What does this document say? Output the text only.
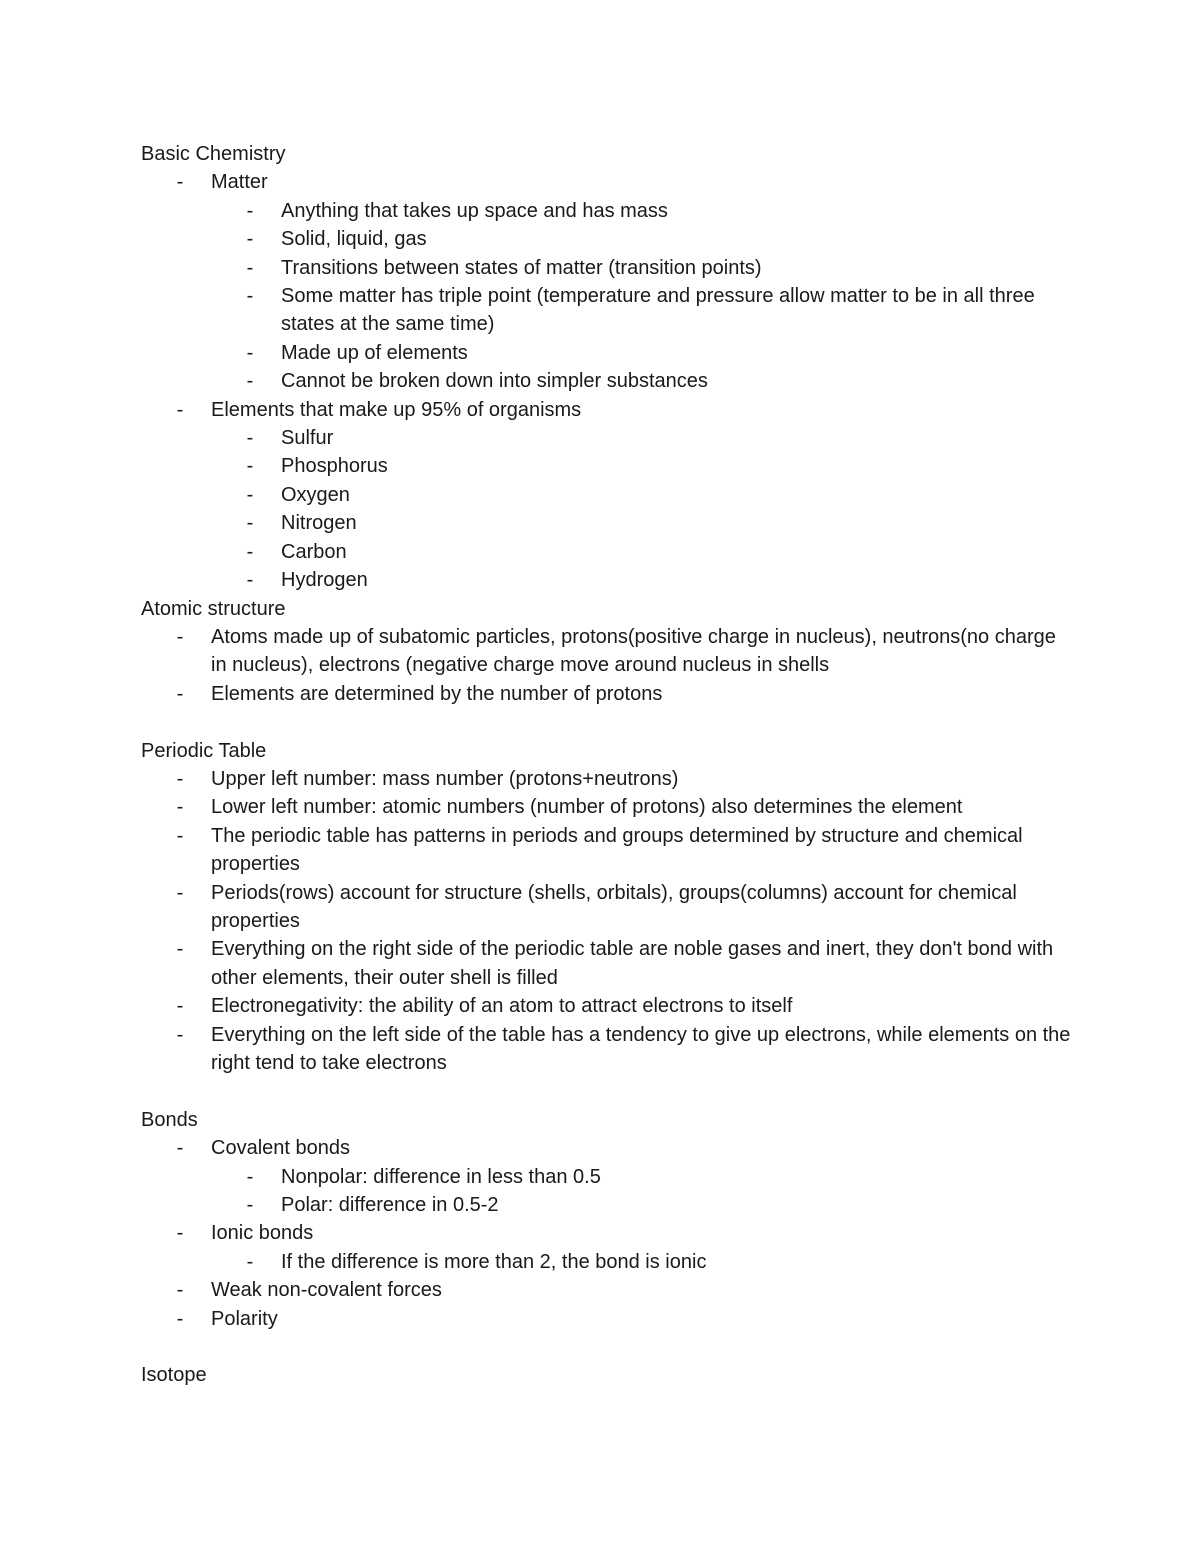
Basic Chemistry
- Matter
- Anything that takes up space and has mass
- Solid, liquid, gas
- Transitions between states of matter (transition points)
- Some matter has triple point (temperature and pressure allow matter to be in all three states at the same time)
- Made up of elements
- Cannot be broken down into simpler substances
- Elements that make up 95% of organisms
- Sulfur
- Phosphorus
- Oxygen
- Nitrogen
- Carbon
- Hydrogen
Atomic structure
- Atoms made up of subatomic particles, protons(positive charge in nucleus), neutrons(no charge in nucleus), electrons (negative charge move around nucleus in shells
- Elements are determined by the number of protons
Periodic Table
- Upper left number: mass number (protons+neutrons)
- Lower left number: atomic numbers (number of protons) also determines the element
- The periodic table has patterns in periods and groups determined by structure and chemical properties
- Periods(rows) account for structure (shells, orbitals), groups(columns) account for chemical properties
- Everything on the right side of the periodic table are noble gases and inert, they don't bond with other elements, their outer shell is filled
- Electronegativity: the ability of an atom to attract electrons to itself
- Everything on the left side of the table has a tendency to give up electrons, while elements on the right tend to take electrons
Bonds
- Covalent bonds
- Nonpolar: difference in less than 0.5
- Polar: difference in 0.5-2
- Ionic bonds
- If the difference is more than 2, the bond is ionic
- Weak non-covalent forces
- Polarity
Isotope
